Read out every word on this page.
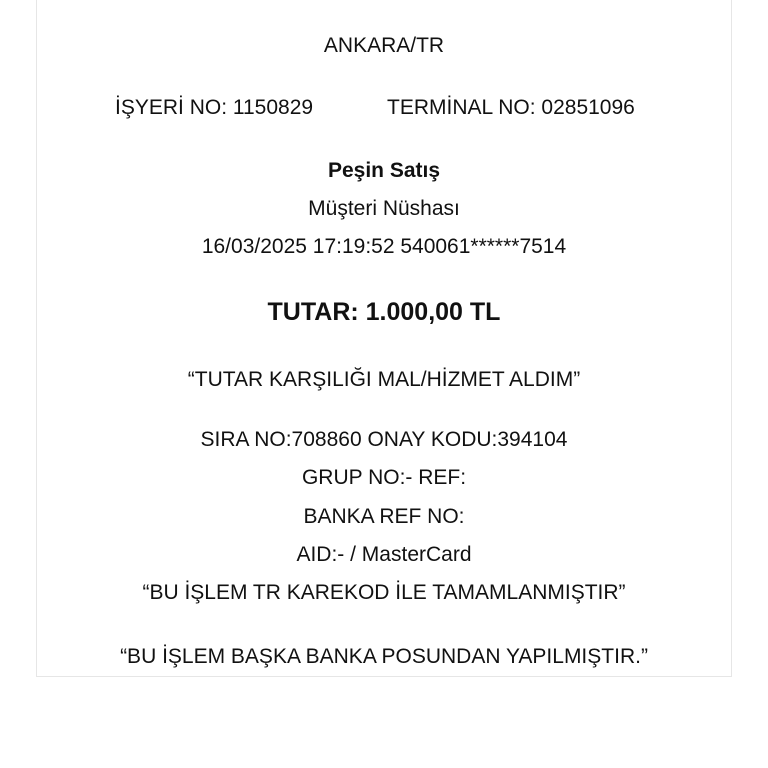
ANKARA/TR
İŞYERİ NO: 1150829	TERMİNAL NO: 02851096
Peşin Satış
Müşteri Nüshası
16/03/2025 17:19:52 540061******7514
TUTAR: 1.000,00 TL
“TUTAR KARŞILIĞI MAL/HİZMET ALDIM”
SIRA NO:708860 ONAY KODU:394104
GRUP NO:- REF:
BANKA REF NO:
AID:- / MasterCard
“BU İŞLEM TR KAREKOD İLE TAMAMLANMIŞTIR”
“BU İŞLEM BAŞKA BANKA POSUNDAN YAPILMIŞTIR.”
